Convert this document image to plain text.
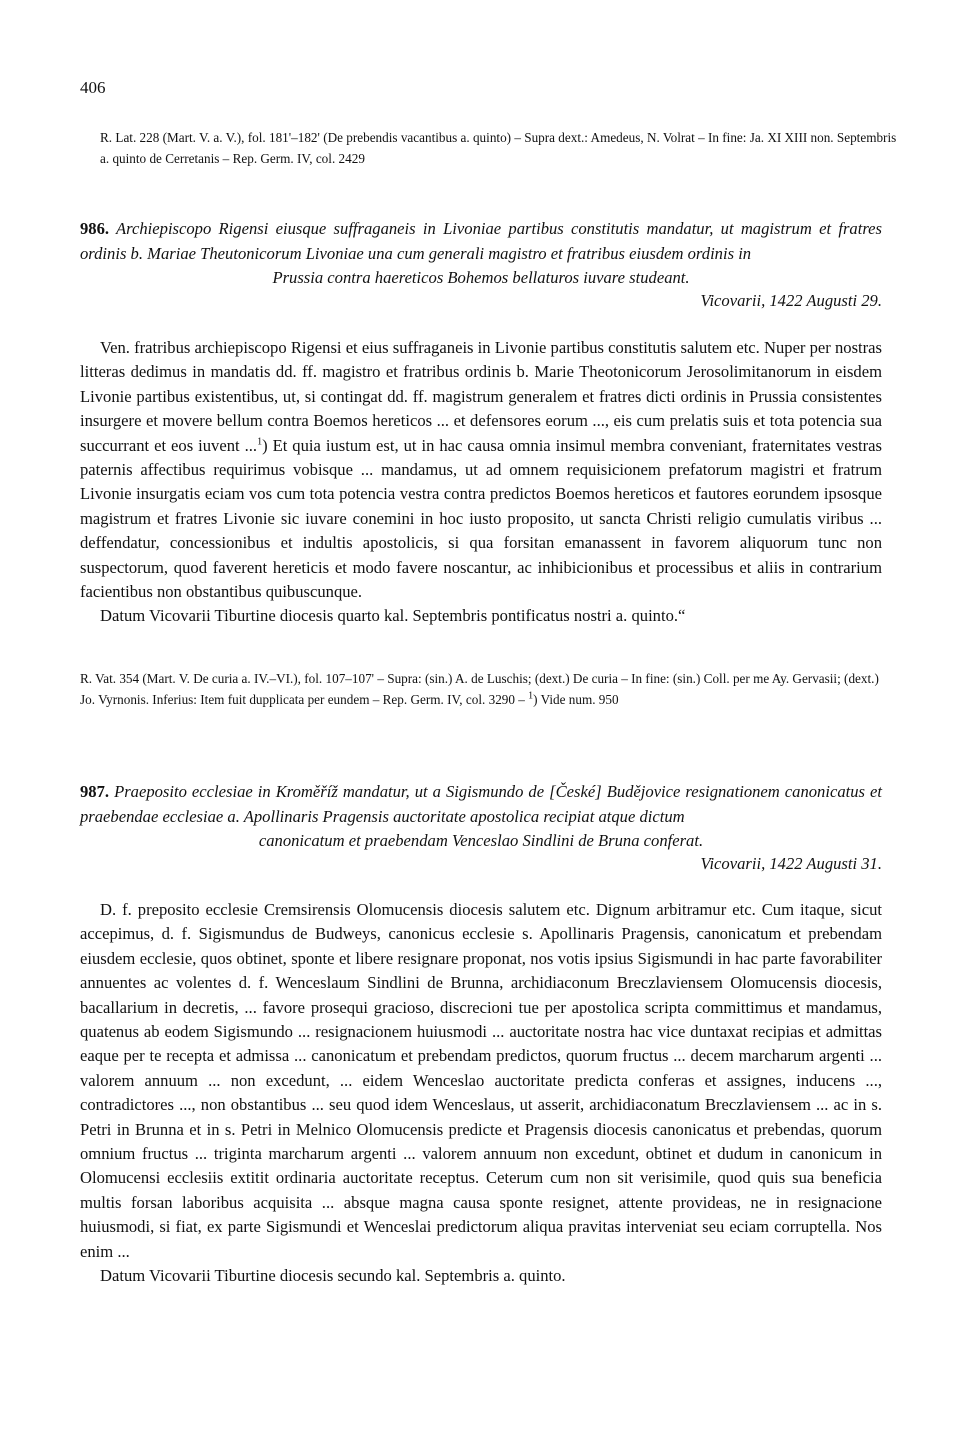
406
R. Lat. 228 (Mart. V. a. V.), fol. 181'–182' (De prebendis vacantibus a. quinto) – Supra dext.: Amedeus, N. Volrat – In fine: Ja. XI XIII non. Septembris a. quinto de Cerretanis – Rep. Germ. IV, col. 2429
986. Archiepiscopo Rigensi eiusque suffraganeis in Livoniae partibus constitutis mandatur, ut magistrum et fratres ordinis b. Mariae Theutonicorum Livoniae una cum generali magistro et fratribus eiusdem ordinis in
Prussia contra haereticos Bohemos bellaturos iuvare studeant.
Vicovarii, 1422 Augusti 29.

Ven. fratribus archiepiscopo Rigensi et eius suffraganeis in Livonie partibus constitutis salutem etc. Nuper per nostras litteras dedimus in mandatis dd. ff. magistro et fratribus ordinis b. Marie Theotonicorum Jerosolimitanorum in eisdem Livonie partibus existentibus, ut, si contingat dd. ff. magistrum generalem et fratres dicti ordinis in Prussia consistentes insurgere et movere bellum contra Boemos hereticos ... et defensores eorum ..., eis cum prelatis suis et tota potencia sua succurrant et eos iuvent ...$^1$) Et quia iustum est, ut in hac causa omnia insimul membra conveniant, fraternitates vestras paternis affectibus requirimus vobisque ... mandamus, ut ad omnem requisicionem prefatorum magistri et fratrum Livonie insurgatis eciam vos cum tota potencia vestra contra predictos Boemos hereticos et fautores eorundem ipsosque magistrum et fratres Livonie sic iuvare conemini in hoc iusto proposito, ut sancta Christi religio cumulatis viribus ... deffendatur, concessionibus et indultis apostolicis, si qua forsitan emanassent in favorem aliquorum tunc non suspectorum, quod faverent hereticis et modo favere noscantur, ac inhibicionibus et processibus et aliis in contrarium facientibus non obstantibus quibuscunque.

Datum Vicovarii Tiburtine diocesis quarto kal. Septembris pontificatus nostri a. quinto.“

R. Vat. 354 (Mart. V. De curia a. IV.–VI.), fol. 107–107' – Supra: (sin.) A. de Luschis; (dext.) De curia – In fine: (sin.) Coll. per me Ay. Gervasii; (dext.) Jo. Vyrnonis. Inferius: Item fuit dupplicata per eundem – Rep. Germ. IV, col. 3290 – $^1$) Vide num. 950
987. Praeposito ecclesiae in Kroměříž mandatur, ut a Sigismundo de [České] Budějovice resignationem canonicatus et praebendae ecclesiae a. Apollinaris Pragensis auctoritate apostolica recipiat atque dictum
canonicatum et praebendam Venceslao Sindlini de Bruna conferat.
Vicovarii, 1422 Augusti 31.

D. f. preposito ecclesie Cremsirensis Olomucensis diocesis salutem etc. Dignum arbitramur etc. Cum itaque, sicut accepimus, d. f. Sigismundus de Budweys, canonicus ecclesie s. Apollinaris Pragensis, canonicatum et prebendam eiusdem ecclesie, quos obtinet, sponte et libere resignare proponat, nos votis ipsius Sigismundi in hac parte favorabiliter annuentes ac volentes d. f. Wenceslaum Sindlini de Brunna, archidiaconum Breczlaviensem Olomucensis diocesis, bacallarium in decretis, ... favore prosequi gracioso, discrecioni tue per apostolica scripta committimus et mandamus, quatenus ab eodem Sigismundo ... resignacionem huiusmodi ... auctoritate nostra hac vice duntaxat recipias et admittas eaque per te recepta et admissa ... canonicatum et prebendam predictos, quorum fructus ... decem marcharum argenti ... valorem annuum ... non excedunt, ... eidem Wenceslao auctoritate predicta conferas et assignes, inducens ..., contradictores ..., non obstantibus ... seu quod idem Wenceslaus, ut asserit, archidiaconatum Breczlaviensem ... ac in s. Petri in Brunna et in s. Petri in Melnico Olomucensis predicte et Pragensis diocesis canonicatus et prebendas, quorum omnium fructus ... triginta marcharum argenti ... valorem annuum non excedunt, obtinet et dudum in canonicum in Olomucensi ecclesiis extitit ordinaria auctoritate receptus. Ceterum cum non sit verisimile, quod quis sua beneficia multis forsan laboribus acquisita ... absque magna causa sponte resignet, attente provideas, ne in resignacione huiusmodi, si fiat, ex parte Sigismundi et Wenceslai predictorum aliqua pravitas interveniat seu eciam corruptella. Nos enim ...

Datum Vicovarii Tiburtine diocesis secundo kal. Septembris a. quinto.
